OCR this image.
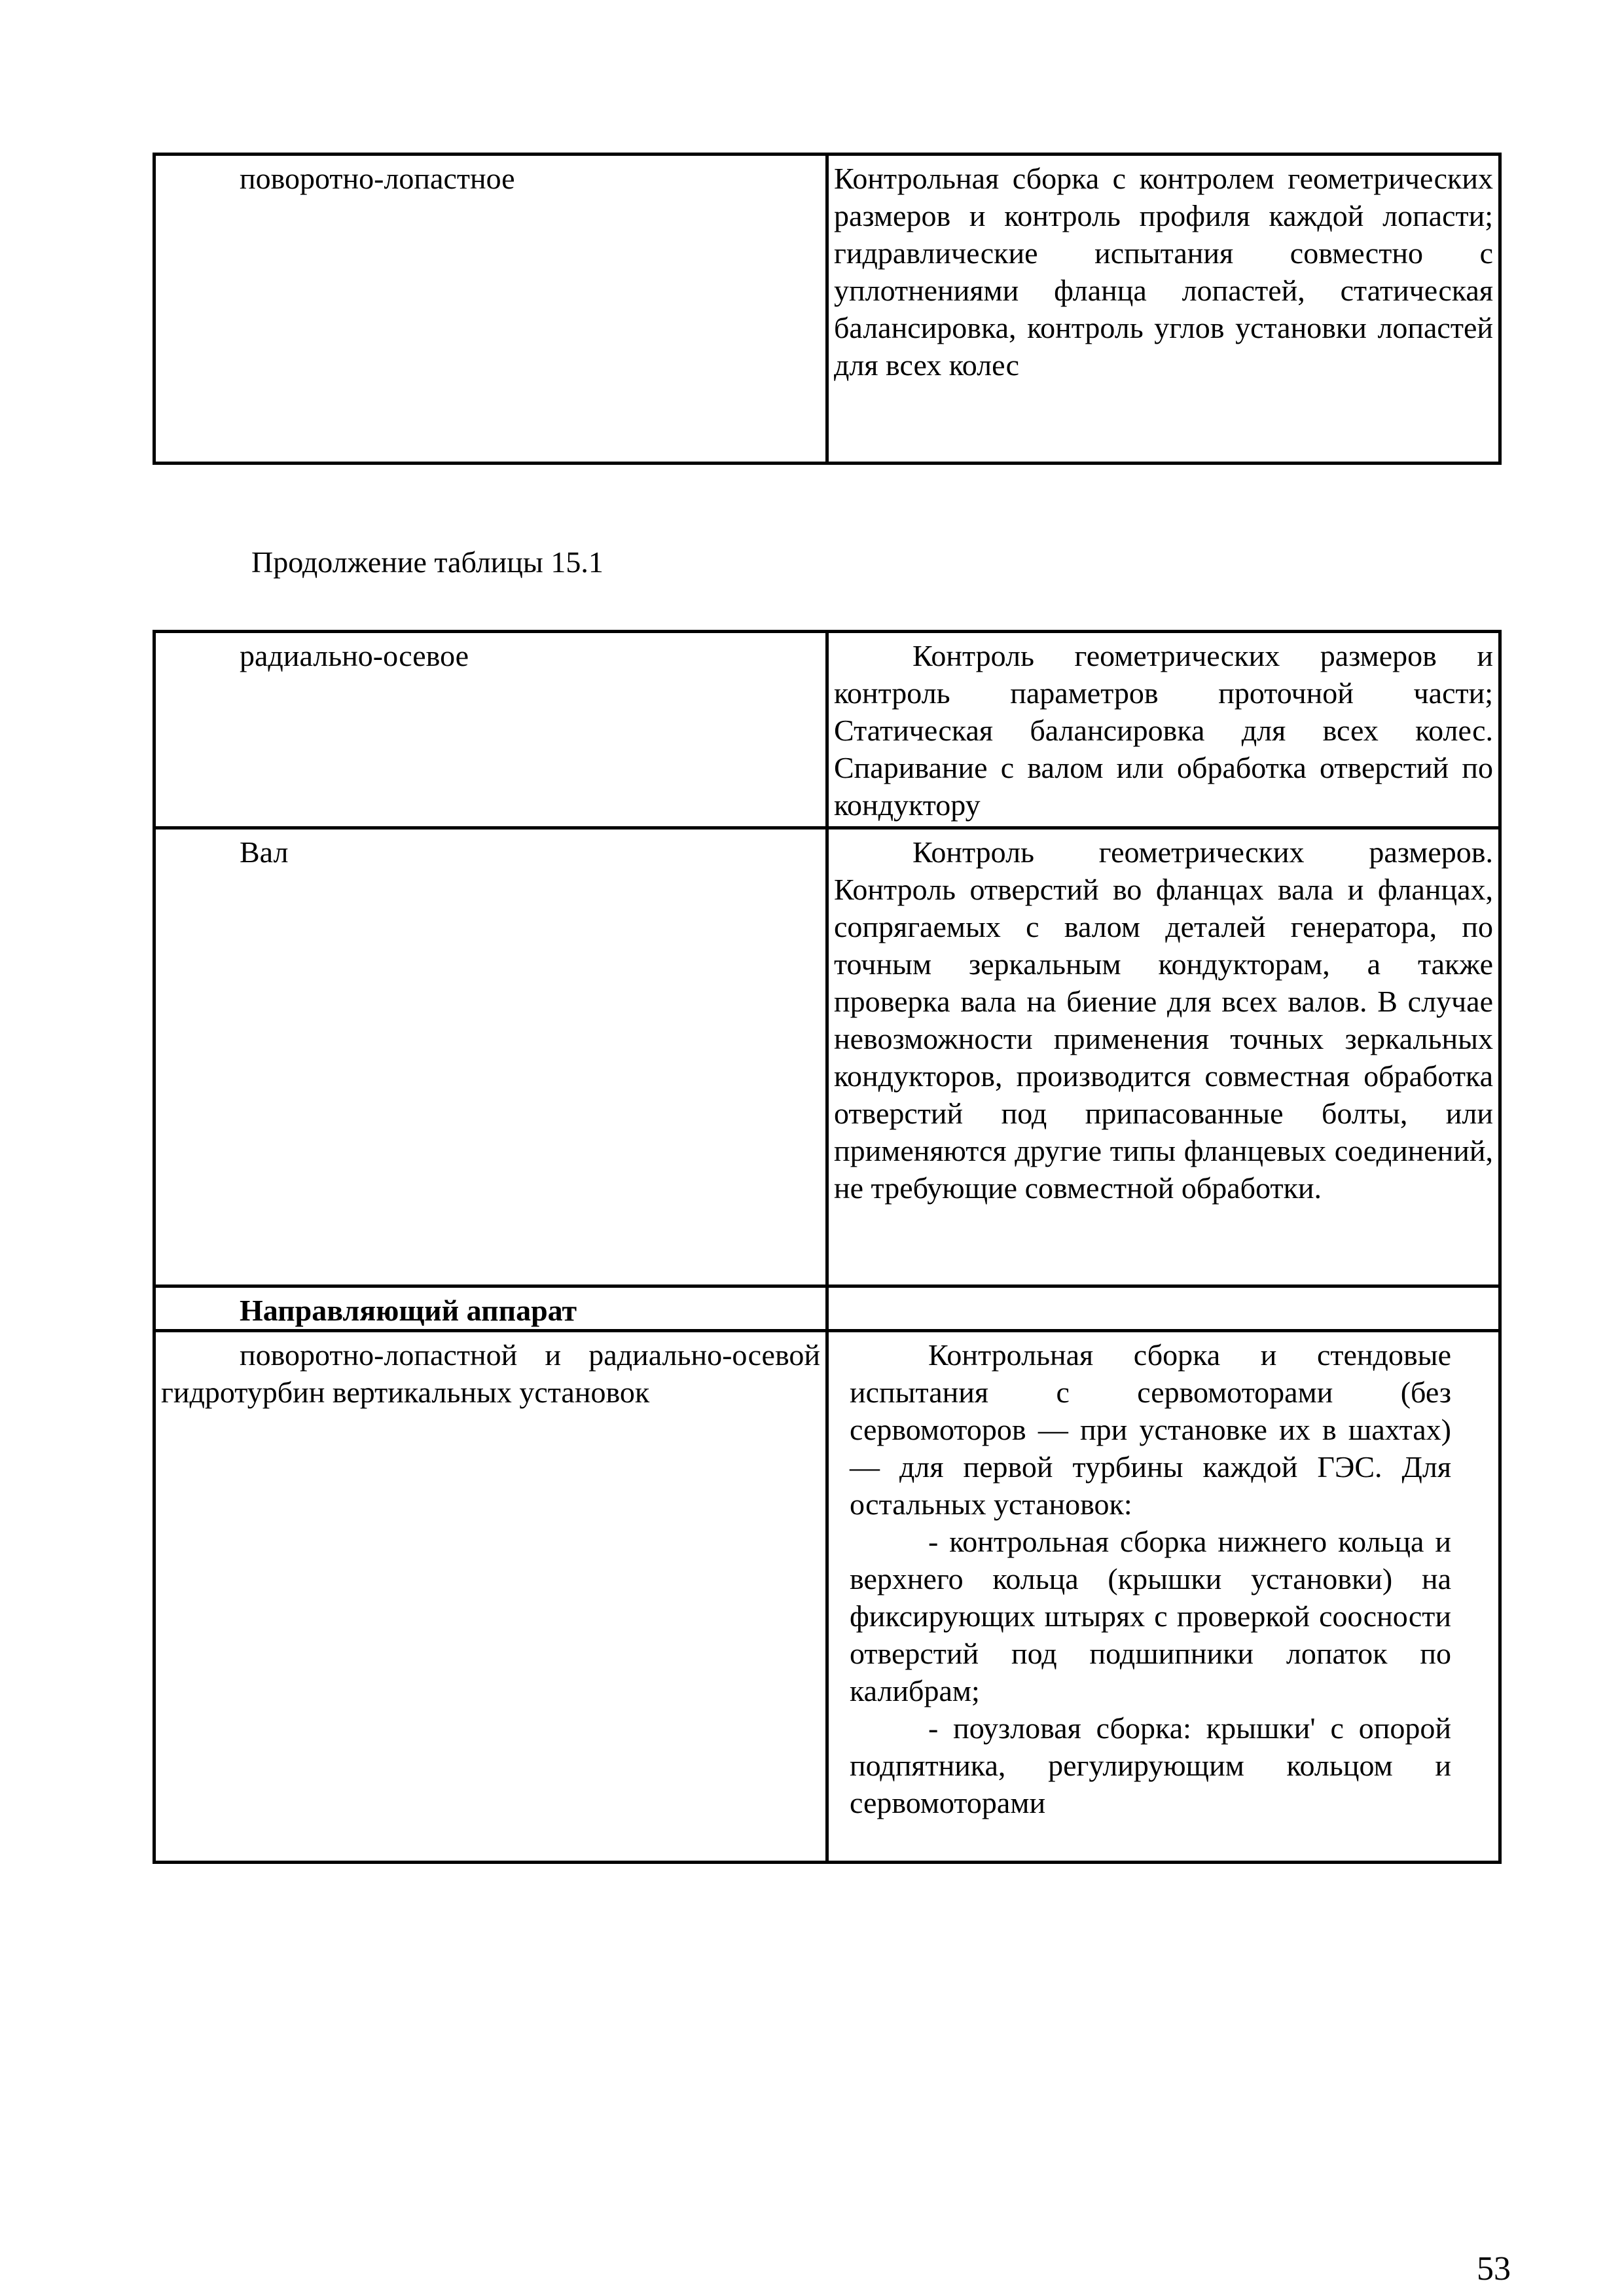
поворотно-лопастное	Контрольная сборка с контролем геометрических размеров и контроль профиля каждой лопасти; гидравлические испытания совместно с уплотнениями фланца лопастей, статическая балансировка, контроль углов установки лопастей для всех колес
Продолжение таблицы 15.1
радиально-осевое	Контроль геометрических размеров и контроль параметров проточной части; Статическая балансировка для всех колес. Спаривание с валом или обработка отверстий по кондуктору
Вал	Контроль геометрических размеров. Контроль отверстий во фланцах вала и фланцах, сопрягаемых с валом деталей генератора, по точным зеркальным кондукторам, а также проверка вала на биение для всех валов. В случае невозможности применения точных зеркальных кондукторов, производится совместная обработка отверстий под припасованные болты, или применяются другие типы фланцевых соединений, не требующие совместной обработки.
Направляющий аппарат	
поворотно-лопастной и радиально-осевой гидротурбин вертикальных установок	Контрольная сборка и стендовые испытания с сервомоторами (без сервомоторов — при установке их в шахтах) — для первой турбины каждой ГЭС. Для остальных установок:

- контрольная сборка нижнего кольца и верхнего кольца (крышки установки) на фиксирующих штырях с проверкой соосности отверстий под подшипники лопаток по калибрам;

- поузловая сборка: крышки' с опорой подпятника, регулирующим кольцом и сервомоторами

53
